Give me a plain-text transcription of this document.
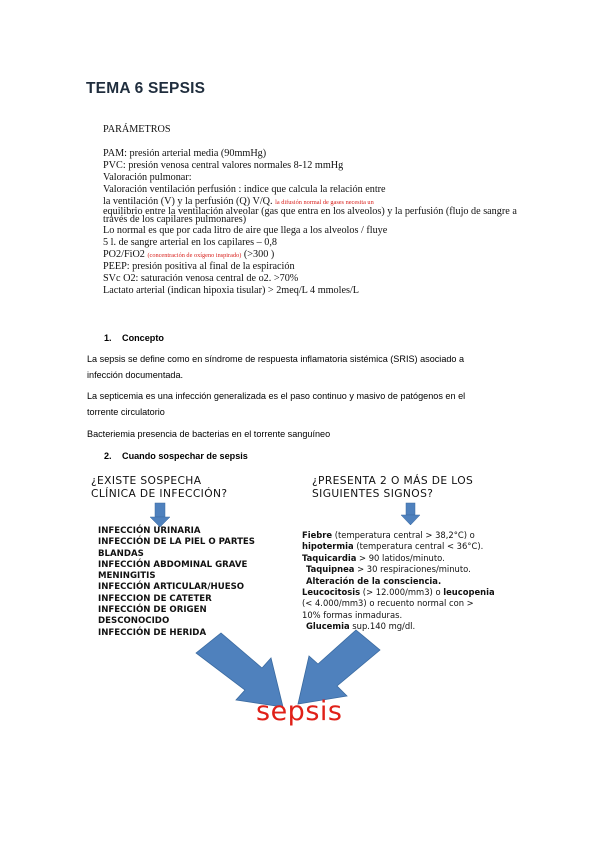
TEMA 6 SEPSIS
PARÁMETROS
PAM: presión arterial media (90mmHg)
PVC: presión venosa central valores normales 8-12 mmHg
Valoración pulmonar:
Valoración ventilación perfusión : indice que calcula la relación entre
la ventilación (V) y la perfusión (Q) V/Q. la difusión normal de gases necesita un
equilibrio entre la ventilación alveolar (gas que entra en los alveolos) y la perfusión (flujo de sangre a
través de los capilares pulmonares)
Lo normal es que por cada litro de aire que llega a los alveolos / fluye
5 l. de sangre arterial en los capilares – 0,8
PO2/FiO2 (concentración de oxígeno inspirado) (>300 )
PEEP: presión positiva al final de la espiración
SVc O2: saturación venosa central de o2. >70%
Lactato arterial (indican hipoxia tisular) > 2meq/L 4 mmoles/L
1. Concepto
La sepsis se define como en síndrome de respuesta inflamatoria sistémica (SRIS) asociado a
infección documentada.
La septicemia es una infección generalizada es el paso continuo y masivo de patógenos en el
torrente circulatorio
Bacteriemia presencia de bacterias en el torrente sanguíneo
2. Cuando sospechar de sepsis
¿EXISTE SOSPECHA
CLÍNICA DE INFECCIÓN?
¿PRESENTA 2 O MÁS DE LOS
SIGUIENTES SIGNOS?
INFECCIÓN URINARIA
INFECCIÓN DE LA PIEL O PARTES
BLANDAS
INFECCIÓN ABDOMINAL GRAVE
MENINGITIS
INFECCIÓN ARTICULAR/HUESO
INFECCION DE CATETER
INFECCIÓN DE ORIGEN
DESCONOCIDO
INFECCIÓN DE HERIDA
Fiebre (temperatura central > 38,2°C) o
hipotermia (temperatura central < 36°C).
Taquicardia > 90 latidos/minuto.
Taquipnea > 30 respiraciones/minuto.
Alteración de la consciencia.
Leucocitosis (> 12.000/mm3) o leucopenia
(< 4.000/mm3) o recuento normal con >
10% formas inmaduras.
Glucemia sup.140 mg/dl.
sepsis
